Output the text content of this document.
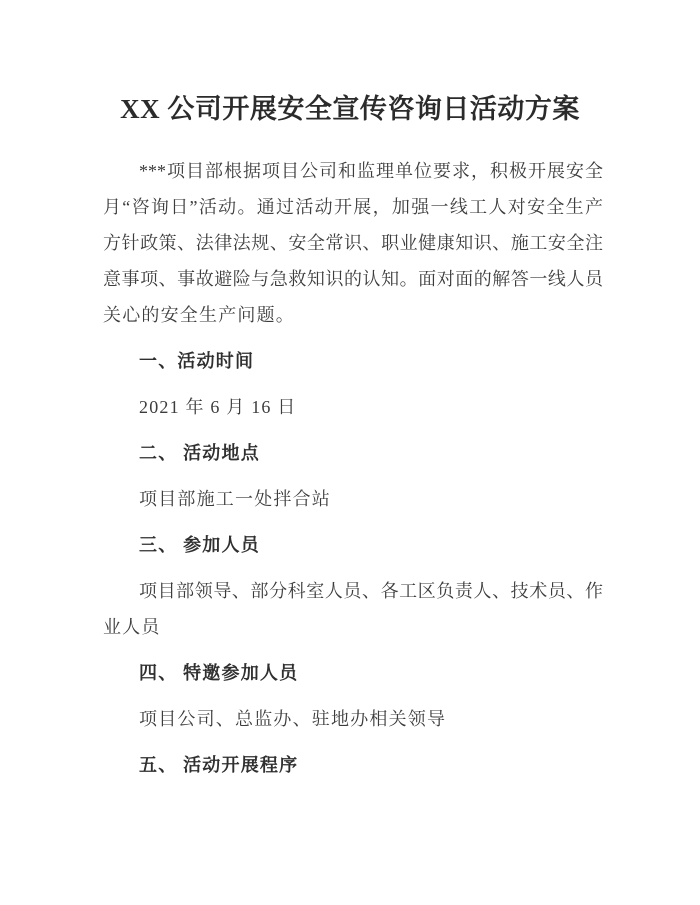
XX 公司开展安全宣传咨询日活动方案
***项目部根据项目公司和监理单位要求，积极开展安全
月“咨询日”活动。通过活动开展，加强一线工人对安全生产
方针政策、法律法规、安全常识、职业健康知识、施工安全注
意事项、事故避险与急救知识的认知。面对面的解答一线人员
关心的安全生产问题。
一、活动时间
2021 年 6 月 16 日
二、 活动地点
项目部施工一处拌合站
三、 参加人员
项目部领导、部分科室人员、各工区负责人、技术员、作
业人员
四、 特邀参加人员
项目公司、总监办、驻地办相关领导
五、 活动开展程序
